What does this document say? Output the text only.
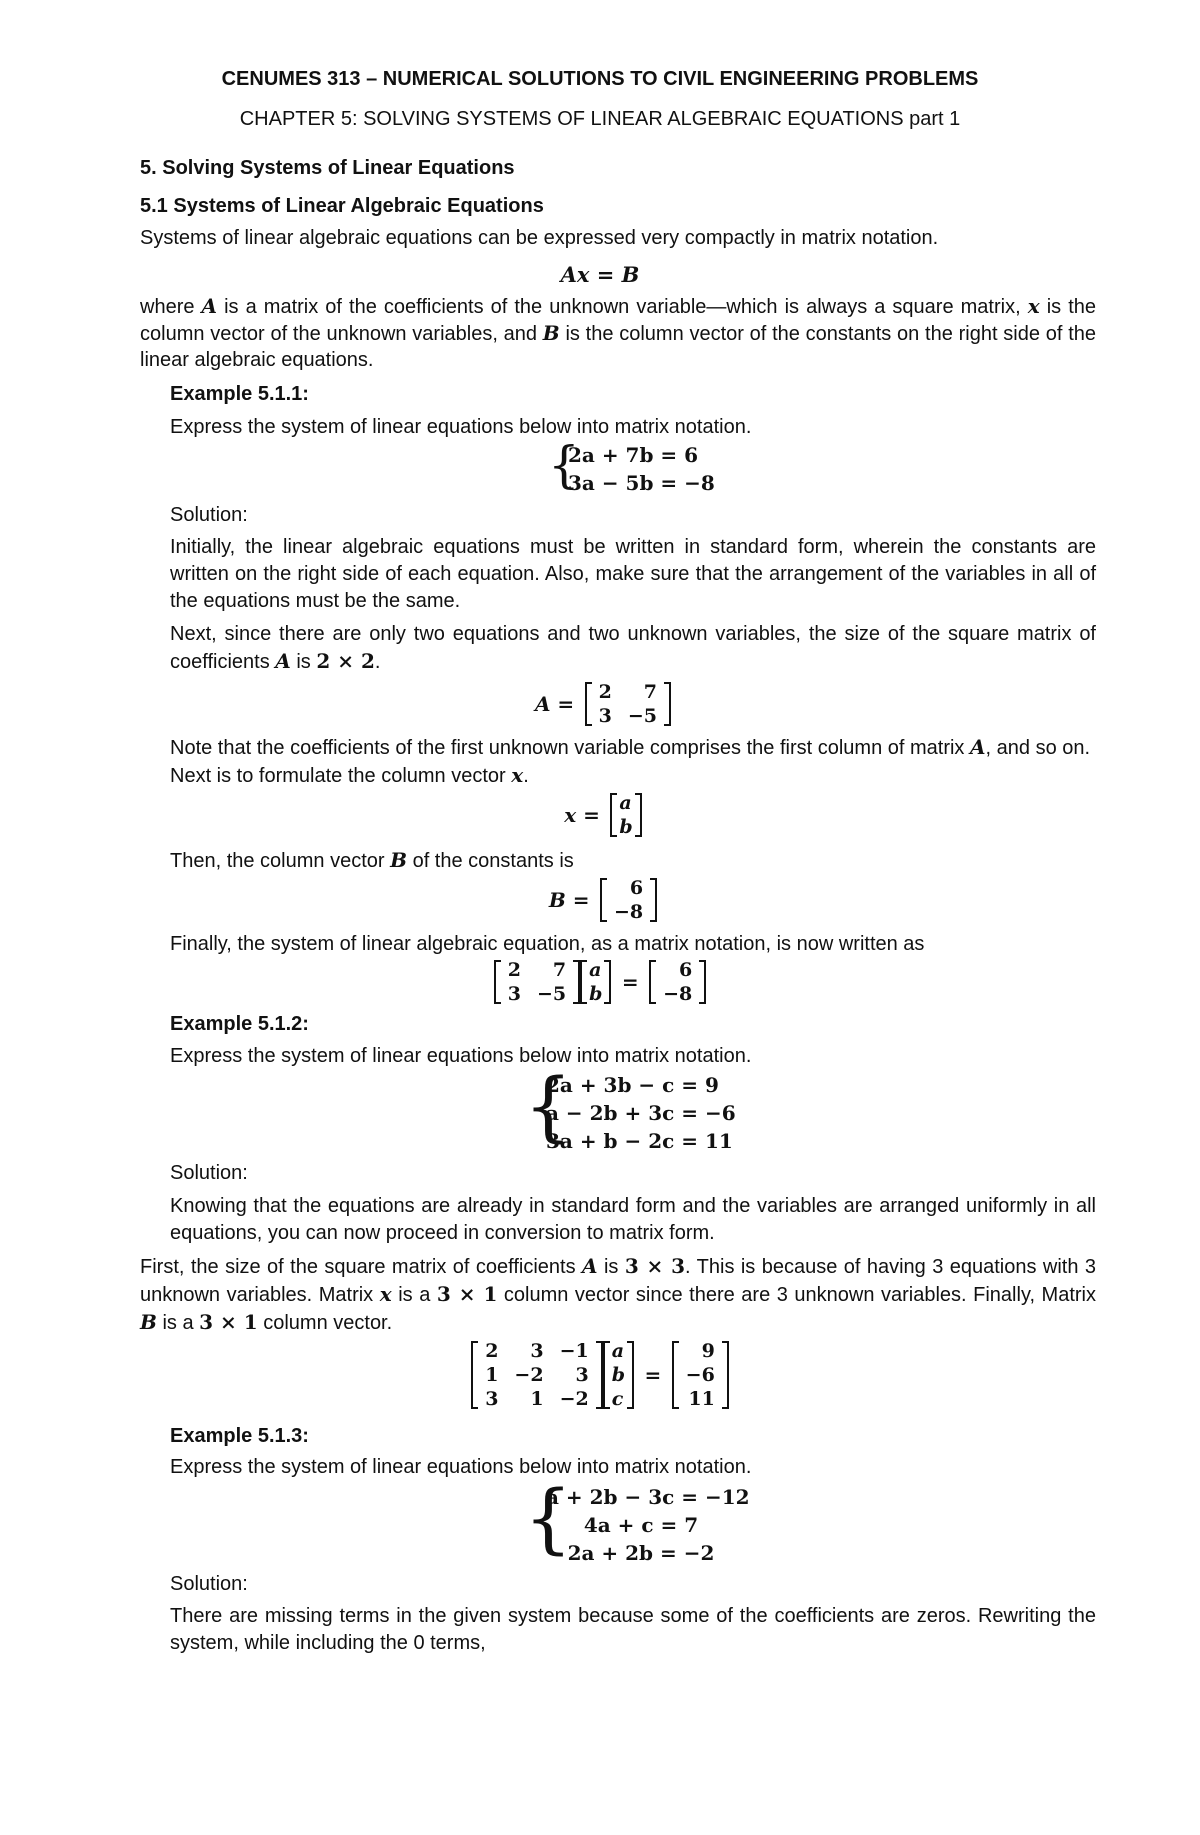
CENUMES 313 – NUMERICAL SOLUTIONS TO CIVIL ENGINEERING PROBLEMS
CHAPTER 5: SOLVING SYSTEMS OF LINEAR ALGEBRAIC EQUATIONS part 1
5. Solving Systems of Linear Equations
5.1 Systems of Linear Algebraic Equations
Systems of linear algebraic equations can be expressed very compactly in matrix notation.
Ax = B
where A is a matrix of the coefficients of the unknown variable—which is always a square matrix, x is the column vector of the unknown variables, and B is the column vector of the constants on the right side of the linear algebraic equations.
Example 5.1.1:
Express the system of linear equations below into matrix notation.
{
2a + 7b = 6
3a − 5b = −8
Solution:
Initially, the linear algebraic equations must be written in standard form, wherein the constants are written on the right side of each equation. Also, make sure that the arrangement of the variables in all of the equations must be the same.
Next, since there are only two equations and two unknown variables, the size of the square matrix of coefficients A is 2 × 2.
A = 2	7
3	−5
Note that the coefficients of the first unknown variable comprises the first column of matrix A, and so on.
Next is to formulate the column vector x.
x = a
b
Then, the column vector B of the constants is
B = 6
−8
Finally, the system of linear algebraic equation, as a matrix notation, is now written as
2	7
3	−5
a
b = 6
−8
Example 5.1.2:
Express the system of linear equations below into matrix notation.
{
2a + 3b − c = 9
a − 2b + 3c = −6
3a + b − 2c = 11
Solution:
Knowing that the equations are already in standard form and the variables are arranged uniformly in all equations, you can now proceed in conversion to matrix form.
First, the size of the square matrix of coefficients A is 3 × 3. This is because of having 3 equations with 3 unknown variables. Matrix x is a 3 × 1 column vector since there are 3 unknown variables. Finally, Matrix B is a 3 × 1 column vector.
2	3	−1
1	−2	3
3	1	−2
a
b
c
=
9
−6
11
Example 5.1.3:
Express the system of linear equations below into matrix notation.
{
a + 2b − 3c = −12
4a + c = 7
2a + 2b = −2
Solution:
There are missing terms in the given system because some of the coefficients are zeros. Rewriting the system, while including the 0 terms,
